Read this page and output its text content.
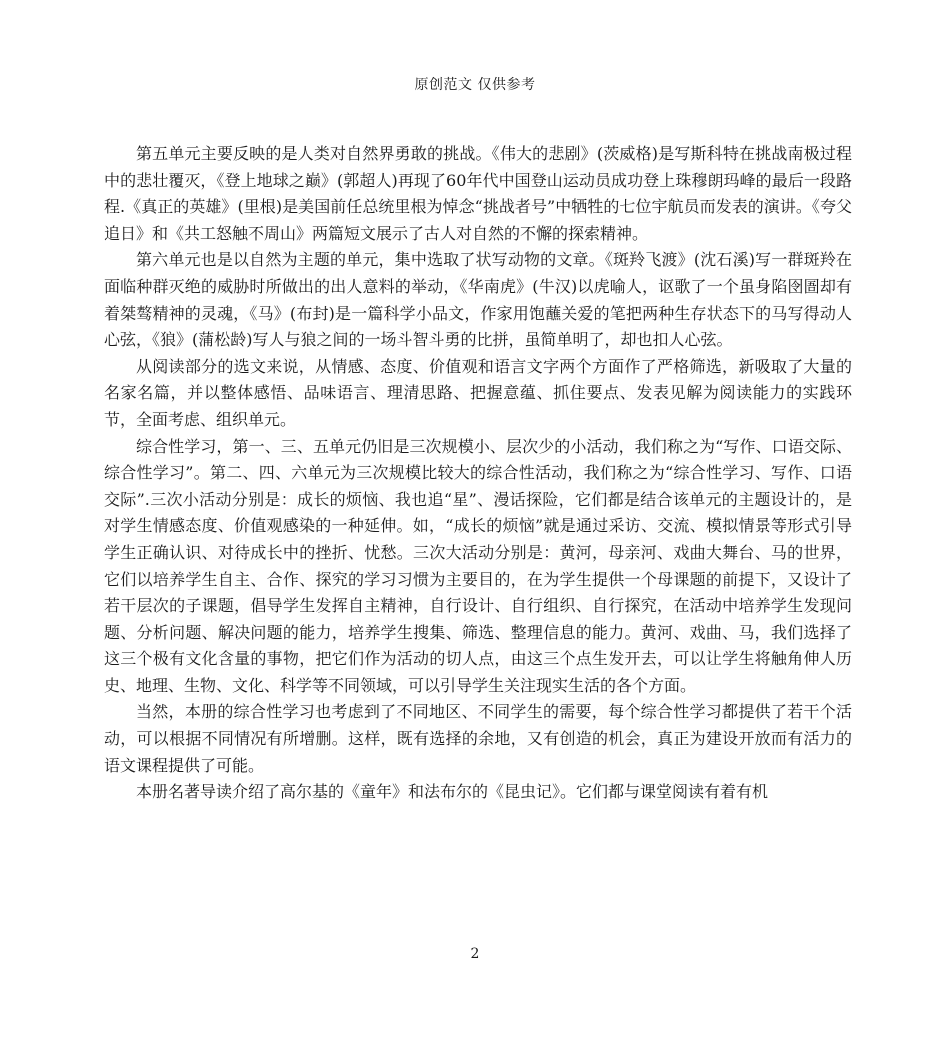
原创范文 仅供参考

第五单元主要反映的是人类对自然界勇敢的挑战。《伟大的悲剧》(茨威格)是写斯科特在挑战南极过程中的悲壮覆灭，《登上地球之巅》(郭超人)再现了60年代中国登山运动员成功登上珠穆朗玛峰的最后一段路程.《真正的英雄》(里根)是美国前任总统里根为悼念“挑战者号”中牺牲的七位宇航员而发表的演讲。《夸父追日》和《共工怒触不周山》两篇短文展示了古人对自然的不懈的探索精神。

第六单元也是以自然为主题的单元，集中选取了状写动物的文章。《斑羚飞渡》(沈石溪)写一群斑羚在面临种群灭绝的威胁时所做出的出人意料的举动，《华南虎》(牛汉)以虎喻人，讴歌了一个虽身陷囹圄却有着桀骜精神的灵魂，《马》(布封)是一篇科学小品文，作家用饱蘸关爱的笔把两种生存状态下的马写得动人心弦，《狼》(蒲松龄)写人与狼之间的一场斗智斗勇的比拼，虽简单明了，却也扣人心弦。

从阅读部分的选文来说，从情感、态度、价值观和语言文字两个方面作了严格筛选，新吸取了大量的名家名篇，并以整体感悟、品味语言、理清思路、把握意蕴、抓住要点、发表见解为阅读能力的实践环节，全面考虑、组织单元。

综合性学习，第一、三、五单元仍旧是三次规模小、层次少的小活动，我们称之为“写作、口语交际、综合性学习”。第二、四、六单元为三次规模比较大的综合性活动，我们称之为“综合性学习、写作、口语交际”.三次小活动分别是：成长的烦恼、我也追“星”、漫话探险，它们都是结合该单元的主题设计的，是对学生情感态度、价值观感染的一种延伸。如，“成长的烦恼”就是通过采访、交流、模拟情景等形式引导学生正确认识、对待成长中的挫折、忧愁。三次大活动分别是：黄河，母亲河、戏曲大舞台、马的世界，它们以培养学生自主、合作、探究的学习习惯为主要目的，在为学生提供一个母课题的前提下，又设计了若干层次的子课题，倡导学生发挥自主精神，自行设计、自行组织、自行探究，在活动中培养学生发现问题、分析问题、解决问题的能力，培养学生搜集、筛选、整理信息的能力。黄河、戏曲、马，我们选择了这三个极有文化含量的事物，把它们作为活动的切人点，由这三个点生发开去，可以让学生将触角伸人历史、地理、生物、文化、科学等不同领域，可以引导学生关注现实生活的各个方面。

当然，本册的综合性学习也考虑到了不同地区、不同学生的需要，每个综合性学习都提供了若干个活动，可以根据不同情况有所增删。这样，既有选择的余地，又有创造的机会，真正为建设开放而有活力的语文课程提供了可能。

本册名著导读介绍了高尔基的《童年》和法布尔的《昆虫记》。它们都与课堂阅读有着有机

2
